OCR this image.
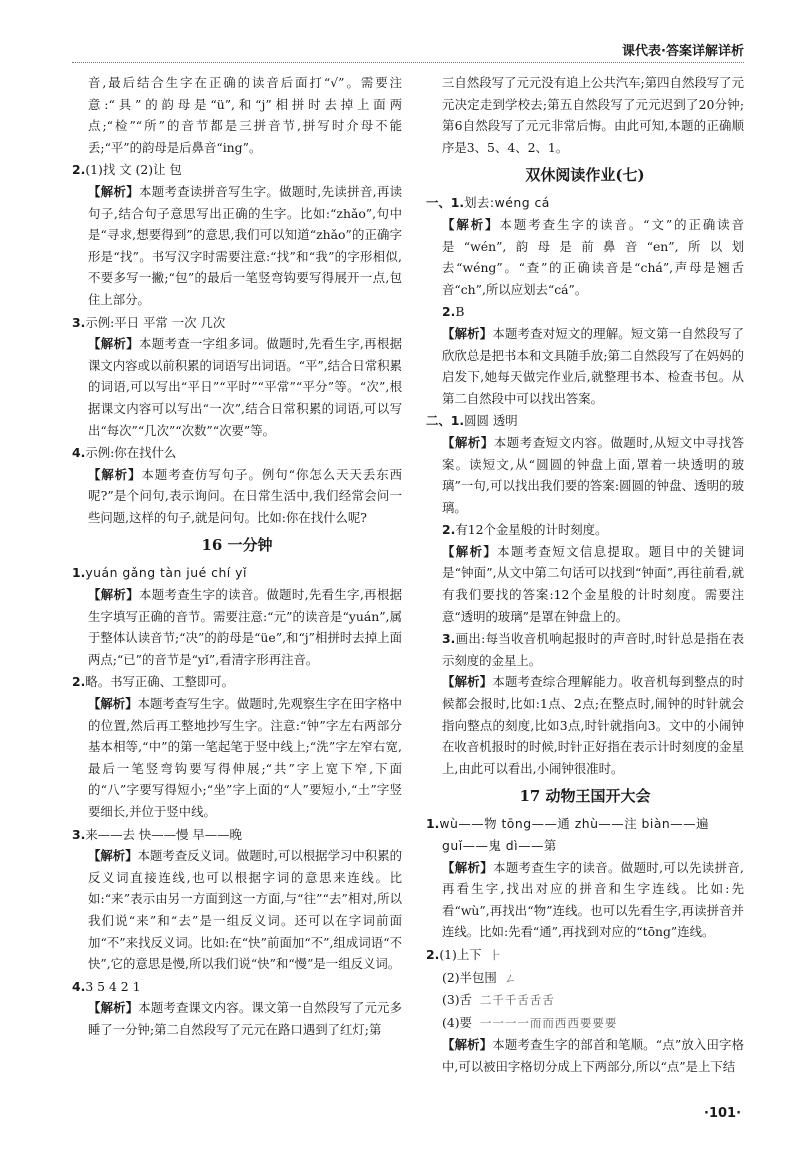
课代表·答案详解详析

音,最后结合生字在正确的读音后面打“√”。需要注意:“具”的韵母是“ü”,和“j”相拼时去掉上面两点;“检”“所”的音节都是三拼音节,拼写时介母不能丢;“平”的韵母是后鼻音“ing”。

2.(1)找 文 (2)让 包

【解析】本题考查读拼音写生字。做题时,先读拼音,再读句子,结合句子意思写出正确的生字。比如:“zhǎo”,句中是“寻求,想要得到”的意思,我们可以知道“zhǎo”的正确字形是“找”。书写汉字时需要注意:“找”和“我”的字形相似,不要多写一撇;“包”的最后一笔竖弯钩要写得展开一点,包住上部分。

3.示例:平日 平常 一次 几次

【解析】本题考查一字组多词。做题时,先看生字,再根据课文内容或以前积累的词语写出词语。“平”,结合日常积累的词语,可以写出“平日”“平时”“平常”“平分”等。“次”,根据课文内容可以写出“一次”,结合日常积累的词语,可以写出“每次”“几次”“次数”“次要”等。

4.示例:你在找什么

【解析】本题考查仿写句子。例句“你怎么天天丢东西呢?”是个问句,表示询问。在日常生活中,我们经常会问一些问题,这样的句子,就是问句。比如:你在找什么呢?

16 一分钟

1.yuán gǎng tàn jué chí yǐ

【解析】本题考查生字的读音。做题时,先看生字,再根据生字填写正确的音节。需要注意:“元”的读音是“yuán”,属于整体认读音节;“决”的韵母是“üe”,和“j”相拼时去掉上面两点;“已”的音节是“yǐ”,看清字形再注音。

2.略。书写正确、工整即可。

【解析】本题考查写生字。做题时,先观察生字在田字格中的位置,然后再工整地抄写生字。注意:“钟”字左右两部分基本相等,“中”的第一笔起笔于竖中线上;“洗”字左窄右宽,最后一笔竖弯钩要写得伸展;“共”字上宽下窄,下面的“八”字要写得短小;“坐”字上面的“人”要短小,“土”字竖要细长,并位于竖中线。

3.来——去 快——慢 早——晚

【解析】本题考查反义词。做题时,可以根据学习中积累的反义词直接连线,也可以根据字词的意思来连线。比如:“来”表示由另一方面到这一方面,与“往”“去”相对,所以我们说“来”和“去”是一组反义词。还可以在字词前面加“不”来找反义词。比如:在“快”前面加“不”,组成词语“不快”,它的意思是慢,所以我们说“快”和“慢”是一组反义词。

4.3 5 4 2 1

【解析】本题考查课文内容。课文第一自然段写了元元多睡了一分钟;第二自然段写了元元在路口遇到了红灯;第

三自然段写了元元没有追上公共汽车;第四自然段写了元元决定走到学校去;第五自然段写了元元迟到了20分钟;第6自然段写了元元非常后悔。由此可知,本题的正确顺序是3、5、4、2、1。

双休阅读作业(七)

一、1.划去:wéng cá

【解析】本题考查生字的读音。“文”的正确读音是“wén”,韵母是前鼻音“en”,所以划去“wéng”。“查”的正确读音是“chá”,声母是翘舌音“ch”,所以应划去“cá”。

2.B

【解析】本题考查对短文的理解。短文第一自然段写了欣欣总是把书本和文具随手放;第二自然段写了在妈妈的启发下,她每天做完作业后,就整理书本、检查书包。从第二自然段中可以找出答案。

二、1.圆圆 透明

【解析】本题考查短文内容。做题时,从短文中寻找答案。读短文,从“圆圆的钟盘上面,罩着一块透明的玻璃”一句,可以找出我们要的答案:圆圆的钟盘、透明的玻璃。

2.有12个金星般的计时刻度。

【解析】本题考查短文信息提取。题目中的关键词是“钟面”,从文中第二句话可以找到“钟面”,再往前看,就有我们要找的答案:12个金星般的计时刻度。需要注意“透明的玻璃”是罩在钟盘上的。

3.画出:每当收音机响起报时的声音时,时针总是指在表示刻度的金星上。

【解析】本题考查综合理解能力。收音机每到整点的时候都会报时,比如:1点、2点;在整点时,闹钟的时针就会指向整点的刻度,比如3点,时针就指向3。文中的小闹钟在收音机报时的时候,时针正好指在表示计时刻度的金星上,由此可以看出,小闹钟很准时。

17 动物王国开大会

1.wù——物 tōng——通 zhù——注 biàn——遍

guǐ——鬼 dì——第

【解析】本题考查生字的读音。做题时,可以先读拼音,再看生字,找出对应的拼音和生字连线。比如:先看“wù”,再找出“物”连线。也可以先看生字,再读拼音并连线。比如:先看“通”,再找到对应的“tōng”连线。

2.(1)上下 ⺊

(2)半包围 ㄥ

(3)舌 二千千舌舌舌

(4)要 一一一一而而西西要要要

【解析】本题考查生字的部首和笔顺。“点”放入田字格中,可以被田字格切分成上下两部分,所以“点”是上下结

·101·
